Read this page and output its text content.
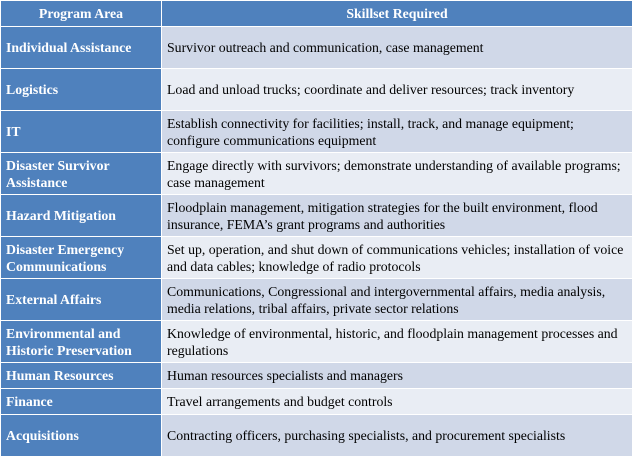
Program Area	Skillset Required
Individual Assistance	Survivor outreach and communication, case management
Logistics	Load and unload trucks; coordinate and deliver resources; track inventory
IT	Establish connectivity for facilities; install, track, and manage equipment; configure communications equipment
Disaster Survivor Assistance	Engage directly with survivors; demonstrate understanding of available programs; case management
Hazard Mitigation	Floodplain management, mitigation strategies for the built environment, flood insurance, FEMA’s grant programs and authorities
Disaster Emergency Communications	Set up, operation, and shut down of communications vehicles; installation of voice and data cables; knowledge of radio protocols
External Affairs	Communications, Congressional and intergovernmental affairs, media analysis, media relations, tribal affairs, private sector relations
Environmental and Historic Preservation	Knowledge of environmental, historic, and floodplain management processes and regulations
Human Resources	Human resources specialists and managers
Finance	Travel arrangements and budget controls
Acquisitions	Contracting officers, purchasing specialists, and procurement specialists
